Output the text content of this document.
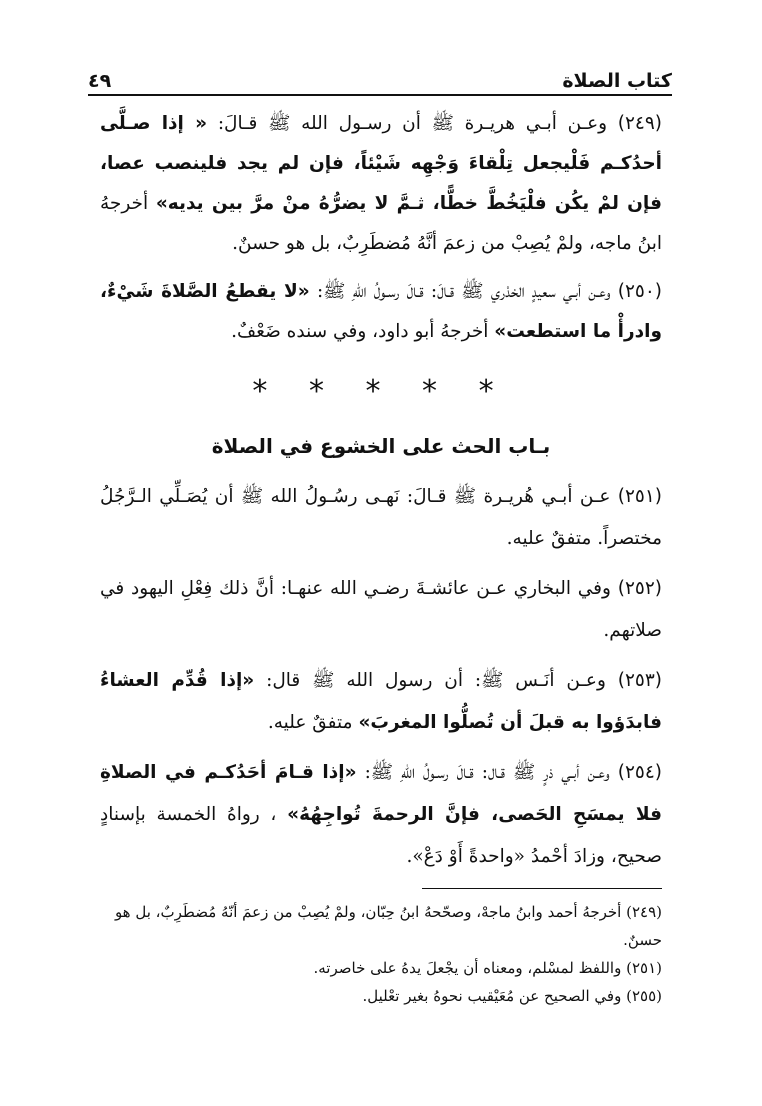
كتاب الصلاة
٤٩

(٢٤٩) وعـن أبـي هريـرة ﷺ أن رسـول الله ﷺ قـالَ: « إذا صـلَّى أحدُكـم فَلْيجعل تِلْقاءَ وَجْهِه شَيْئاً، فإن لم يجد فلينصب عصا، فإن لمْ يكُن فلْيَخُطَّ خطًّا، ثـمَّ لا يضرُّهُ منْ مرَّ بين يديه» أخرجهُ ابنُ ماجه، ولمْ يُصِبْ من زعمَ أنَّهُ مُضطَرِبٌ، بل هو حسنٌ.

(٢٥٠) وعـن أبـي سعيدٍ الخدْري ﷺ قـالَ: قـالَ رسـولُ اللهِ ﷺ: «لا يقطعُ الصَّلاةَ شَيْءٌ، وادرأْ ما استطعت» أخرجهُ أبو داود، وفي سنده ضَعْفٌ.

* * * * *
بـاب الحث على الخشوع في الصلاة

(٢٥١) عـن أبـي هُريـرة ﷺ قـالَ: نَهـى رسُـولُ الله ﷺ أن يُصَـلِّي الـرَّجُلُ مختصراً. متفقٌ عليه.

(٢٥٢) وفي البخاري عـن عائشـةَ رضـي الله عنهـا: أنَّ ذلك فِعْلِ اليهود في صلاتهم.

(٢٥٣) وعـن أنَـس ﷺ: أن رسول الله ﷺ قال: «إذا قُدِّم العشاءُ فابدَؤوا به قبلَ أن تُصلُّوا المغربَ» متفقٌ عليه.

(٢٥٤) وعـن أبـي ذرٍ ﷺ قـال: قـالَ رسـولُ اللهِ ﷺ: «إذا قـامَ أحَدُكـم في الصلاةِ فلا يمسَحِ الحَصى، فإنَّ الرحمةَ تُواجِهُهُ» ، رواهُ الخمسة بإسنادٍ صحيح، وزادَ أحْمدُ «واحدةً أَوْ دَعْ».

(٢٤٩) أخرجهُ أحمد وابنُ ماجهْ، وصحّحهُ ابنُ حِبّان، ولمْ يُصِبْ من زعمَ أنّهُ مُضطَرِبٌ، بل هو حسنٌ.

(٢٥١) واللفظ لمسْلم، ومعناه أن يجْعلَ يدهُ على خاصرته.

(٢٥٥) وفي الصحيح عن مُعَيْقيب نحوهُ بغير تعْليل.
